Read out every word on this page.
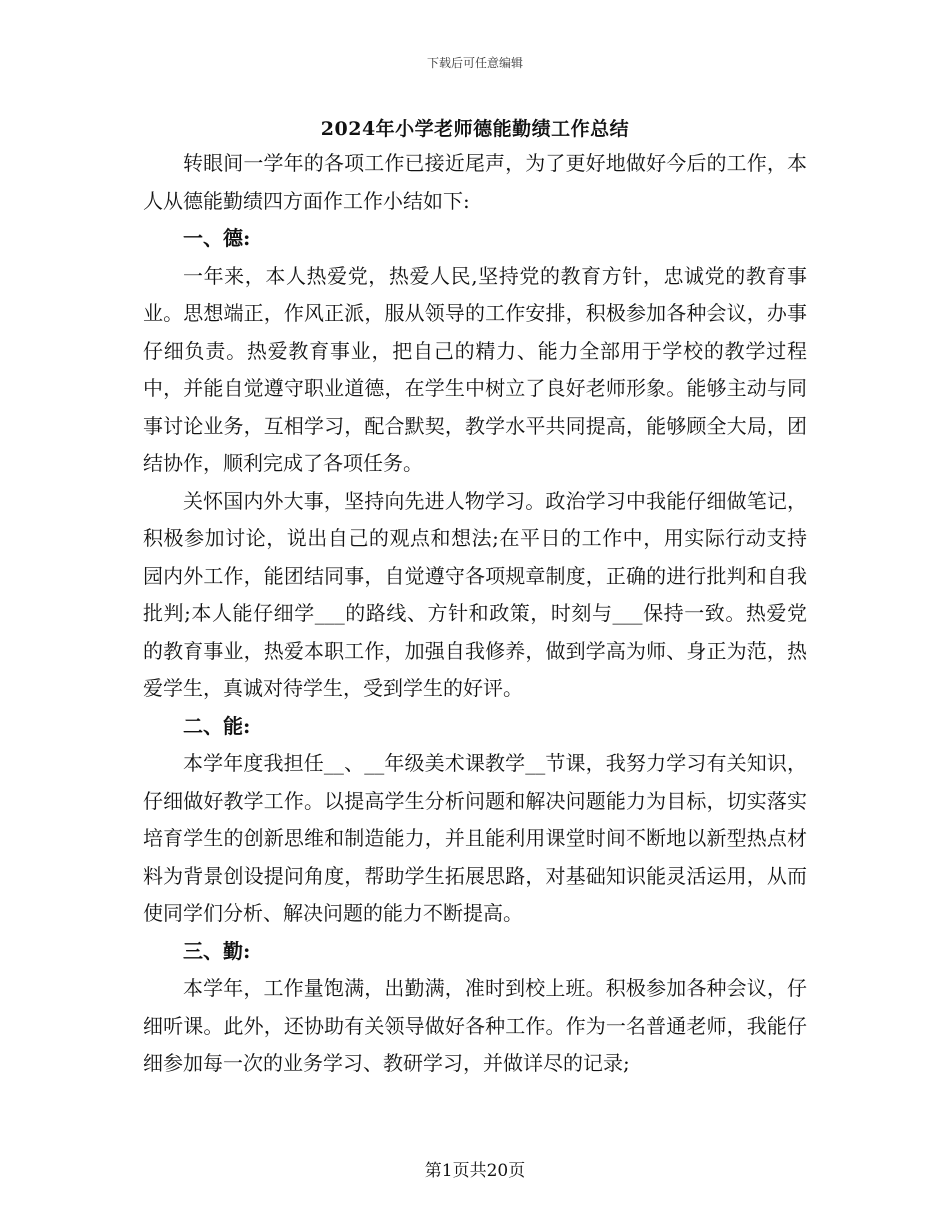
下载后可任意编辑
2024年小学老师德能勤绩工作总结

转眼间一学年的各项工作已接近尾声，为了更好地做好今后的工作，本人从德能勤绩四方面作工作小结如下:

一、德:

一年来，本人热爱党，热爱人民,坚持党的教育方针，忠诚党的教育事业。思想端正，作风正派，服从领导的工作安排，积极参加各种会议，办事仔细负责。热爱教育事业，把自己的精力、能力全部用于学校的教学过程中，并能自觉遵守职业道德，在学生中树立了良好老师形象。能够主动与同事讨论业务，互相学习，配合默契，教学水平共同提高，能够顾全大局，团结协作，顺利完成了各项任务。

关怀国内外大事，坚持向先进人物学习。政治学习中我能仔细做笔记，积极参加讨论，说出自己的观点和想法;在平日的工作中，用实际行动支持园内外工作，能团结同事，自觉遵守各项规章制度，正确的进行批判和自我批判;本人能仔细学___的路线、方针和政策，时刻与___保持一致。热爱党的教育事业，热爱本职工作，加强自我修养，做到学高为师、身正为范，热爱学生，真诚对待学生，受到学生的好评。

二、能:

本学年度我担任__、__年级美术课教学__节课，我努力学习有关知识，仔细做好教学工作。以提高学生分析问题和解决问题能力为目标，切实落实培育学生的创新思维和制造能力，并且能利用课堂时间不断地以新型热点材料为背景创设提问角度，帮助学生拓展思路，对基础知识能灵活运用，从而使同学们分析、解决问题的能力不断提高。

三、勤:

本学年，工作量饱满，出勤满，准时到校上班。积极参加各种会议，仔细听课。此外，还协助有关领导做好各种工作。作为一名普通老师，我能仔细参加每一次的业务学习、教研学习，并做详尽的记录;

第1页共20页
